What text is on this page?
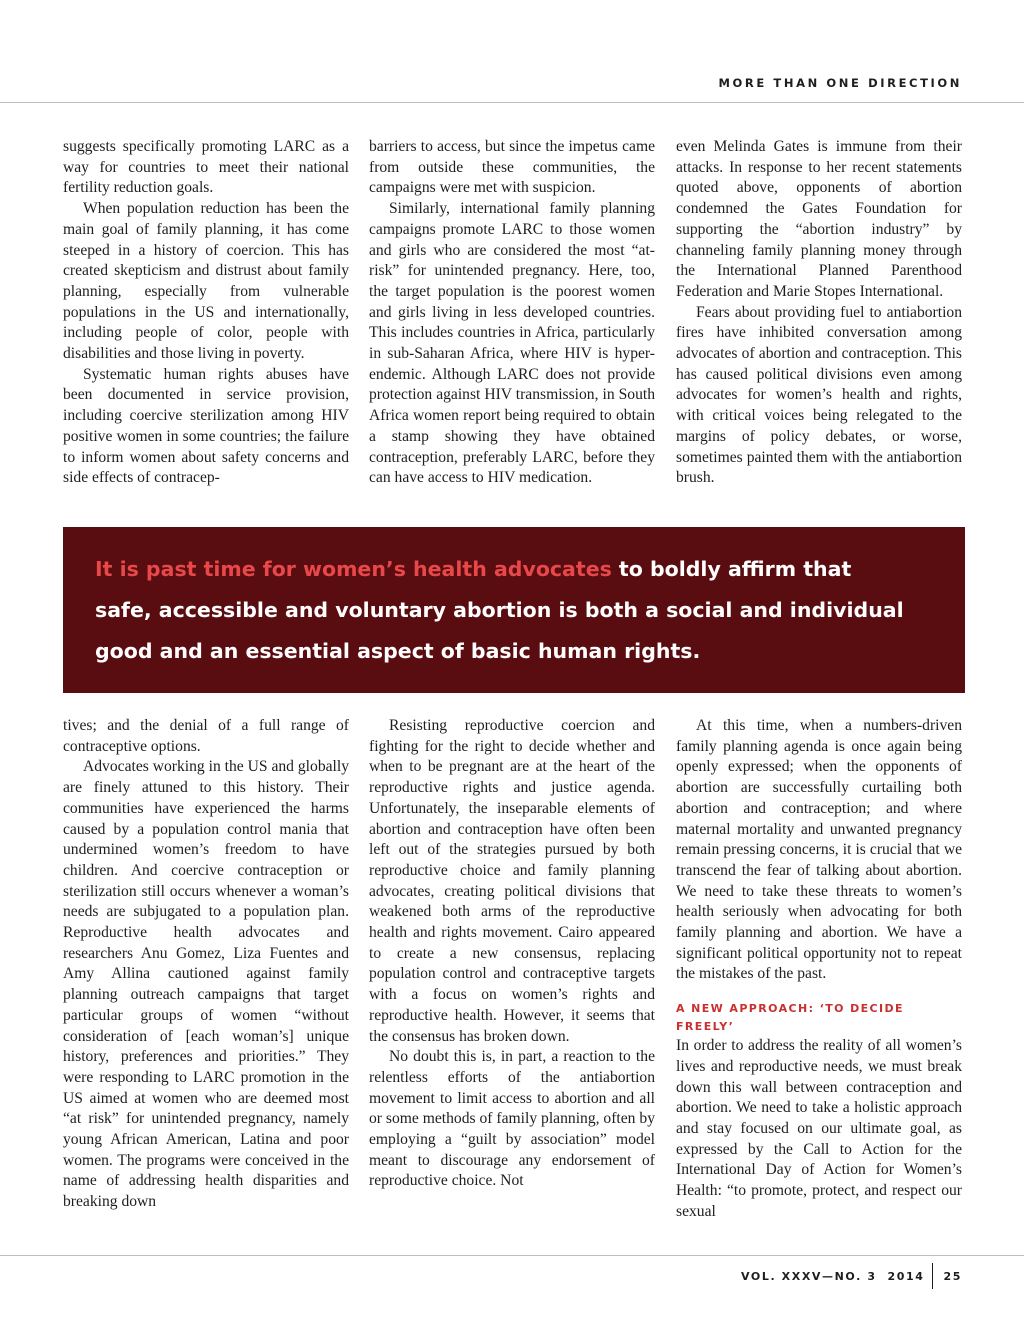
MORE THAN ONE DIRECTION

suggests specifically promoting LARC as a way for countries to meet their national fertility reduction goals.

When population reduction has been the main goal of family planning, it has come steeped in a history of coercion. This has created skepticism and distrust about family planning, especially from vulnerable populations in the US and internationally, including people of color, people with disabilities and those living in poverty.

Systematic human rights abuses have been documented in service provision, including coercive sterilization among HIV positive women in some countries; the failure to inform women about safety concerns and side effects of contracep-

barriers to access, but since the impetus came from outside these communities, the campaigns were met with suspicion.

Similarly, international family planning campaigns promote LARC to those women and girls who are considered the most “at-risk” for unintended pregnancy. Here, too, the target population is the poorest women and girls living in less developed countries. This includes countries in Africa, particularly in sub-Saharan Africa, where HIV is hyper-endemic. Although LARC does not provide protection against HIV transmission, in South Africa women report being required to obtain a stamp showing they have obtained contraception, preferably LARC, before they can have access to HIV medication.

even Melinda Gates is immune from their attacks. In response to her recent statements quoted above, opponents of abortion condemned the Gates Foundation for supporting the “abortion industry” by channeling family planning money through the International Planned Parenthood Federation and Marie Stopes International.

Fears about providing fuel to antiabortion fires have inhibited conversation among advocates of abortion and contraception. This has caused political divisions even among advocates for women’s health and rights, with critical voices being relegated to the margins of policy debates, or worse, sometimes painted them with the antiabortion brush.

It is past time for women’s health advocates to boldly affirm that safe, accessible and voluntary abortion is both a social and individual good and an essential aspect of basic human rights.

tives; and the denial of a full range of contraceptive options.

Advocates working in the US and globally are finely attuned to this history. Their communities have experienced the harms caused by a population control mania that undermined women’s freedom to have children. And coercive contraception or sterilization still occurs whenever a woman’s needs are subjugated to a population plan. Reproductive health advocates and researchers Anu Gomez, Liza Fuentes and Amy Allina cautioned against family planning outreach campaigns that target particular groups of women “without consideration of [each woman’s] unique history, preferences and priorities.” They were responding to LARC promotion in the US aimed at women who are deemed most “at risk” for unintended pregnancy, namely young African American, Latina and poor women. The programs were conceived in the name of addressing health disparities and breaking down

Resisting reproductive coercion and fighting for the right to decide whether and when to be pregnant are at the heart of the reproductive rights and justice agenda. Unfortunately, the inseparable elements of abortion and contraception have often been left out of the strategies pursued by both reproductive choice and family planning advocates, creating political divisions that weakened both arms of the reproductive health and rights movement. Cairo appeared to create a new consensus, replacing population control and contraceptive targets with a focus on women’s rights and reproductive health. However, it seems that the consensus has broken down.

No doubt this is, in part, a reaction to the relentless efforts of the antiabortion movement to limit access to abortion and all or some methods of family planning, often by employing a “guilt by association” model meant to discourage any endorsement of reproductive choice. Not

At this time, when a numbers-driven family planning agenda is once again being openly expressed; when the opponents of abortion are successfully curtailing both abortion and contraception; and where maternal mortality and unwanted pregnancy remain pressing concerns, it is crucial that we transcend the fear of talking about abortion. We need to take these threats to women’s health seriously when advocating for both family planning and abortion. We have a significant political opportunity not to repeat the mistakes of the past.

A NEW APPROACH: ‘TO DECIDE FREELY’

In order to address the reality of all women’s lives and reproductive needs, we must break down this wall between contraception and abortion. We need to take a holistic approach and stay focused on our ultimate goal, as expressed by the Call to Action for the International Day of Action for Women’s Health: “to promote, protect, and respect our sexual

VOL. XXXV—NO. 3  2014 25
